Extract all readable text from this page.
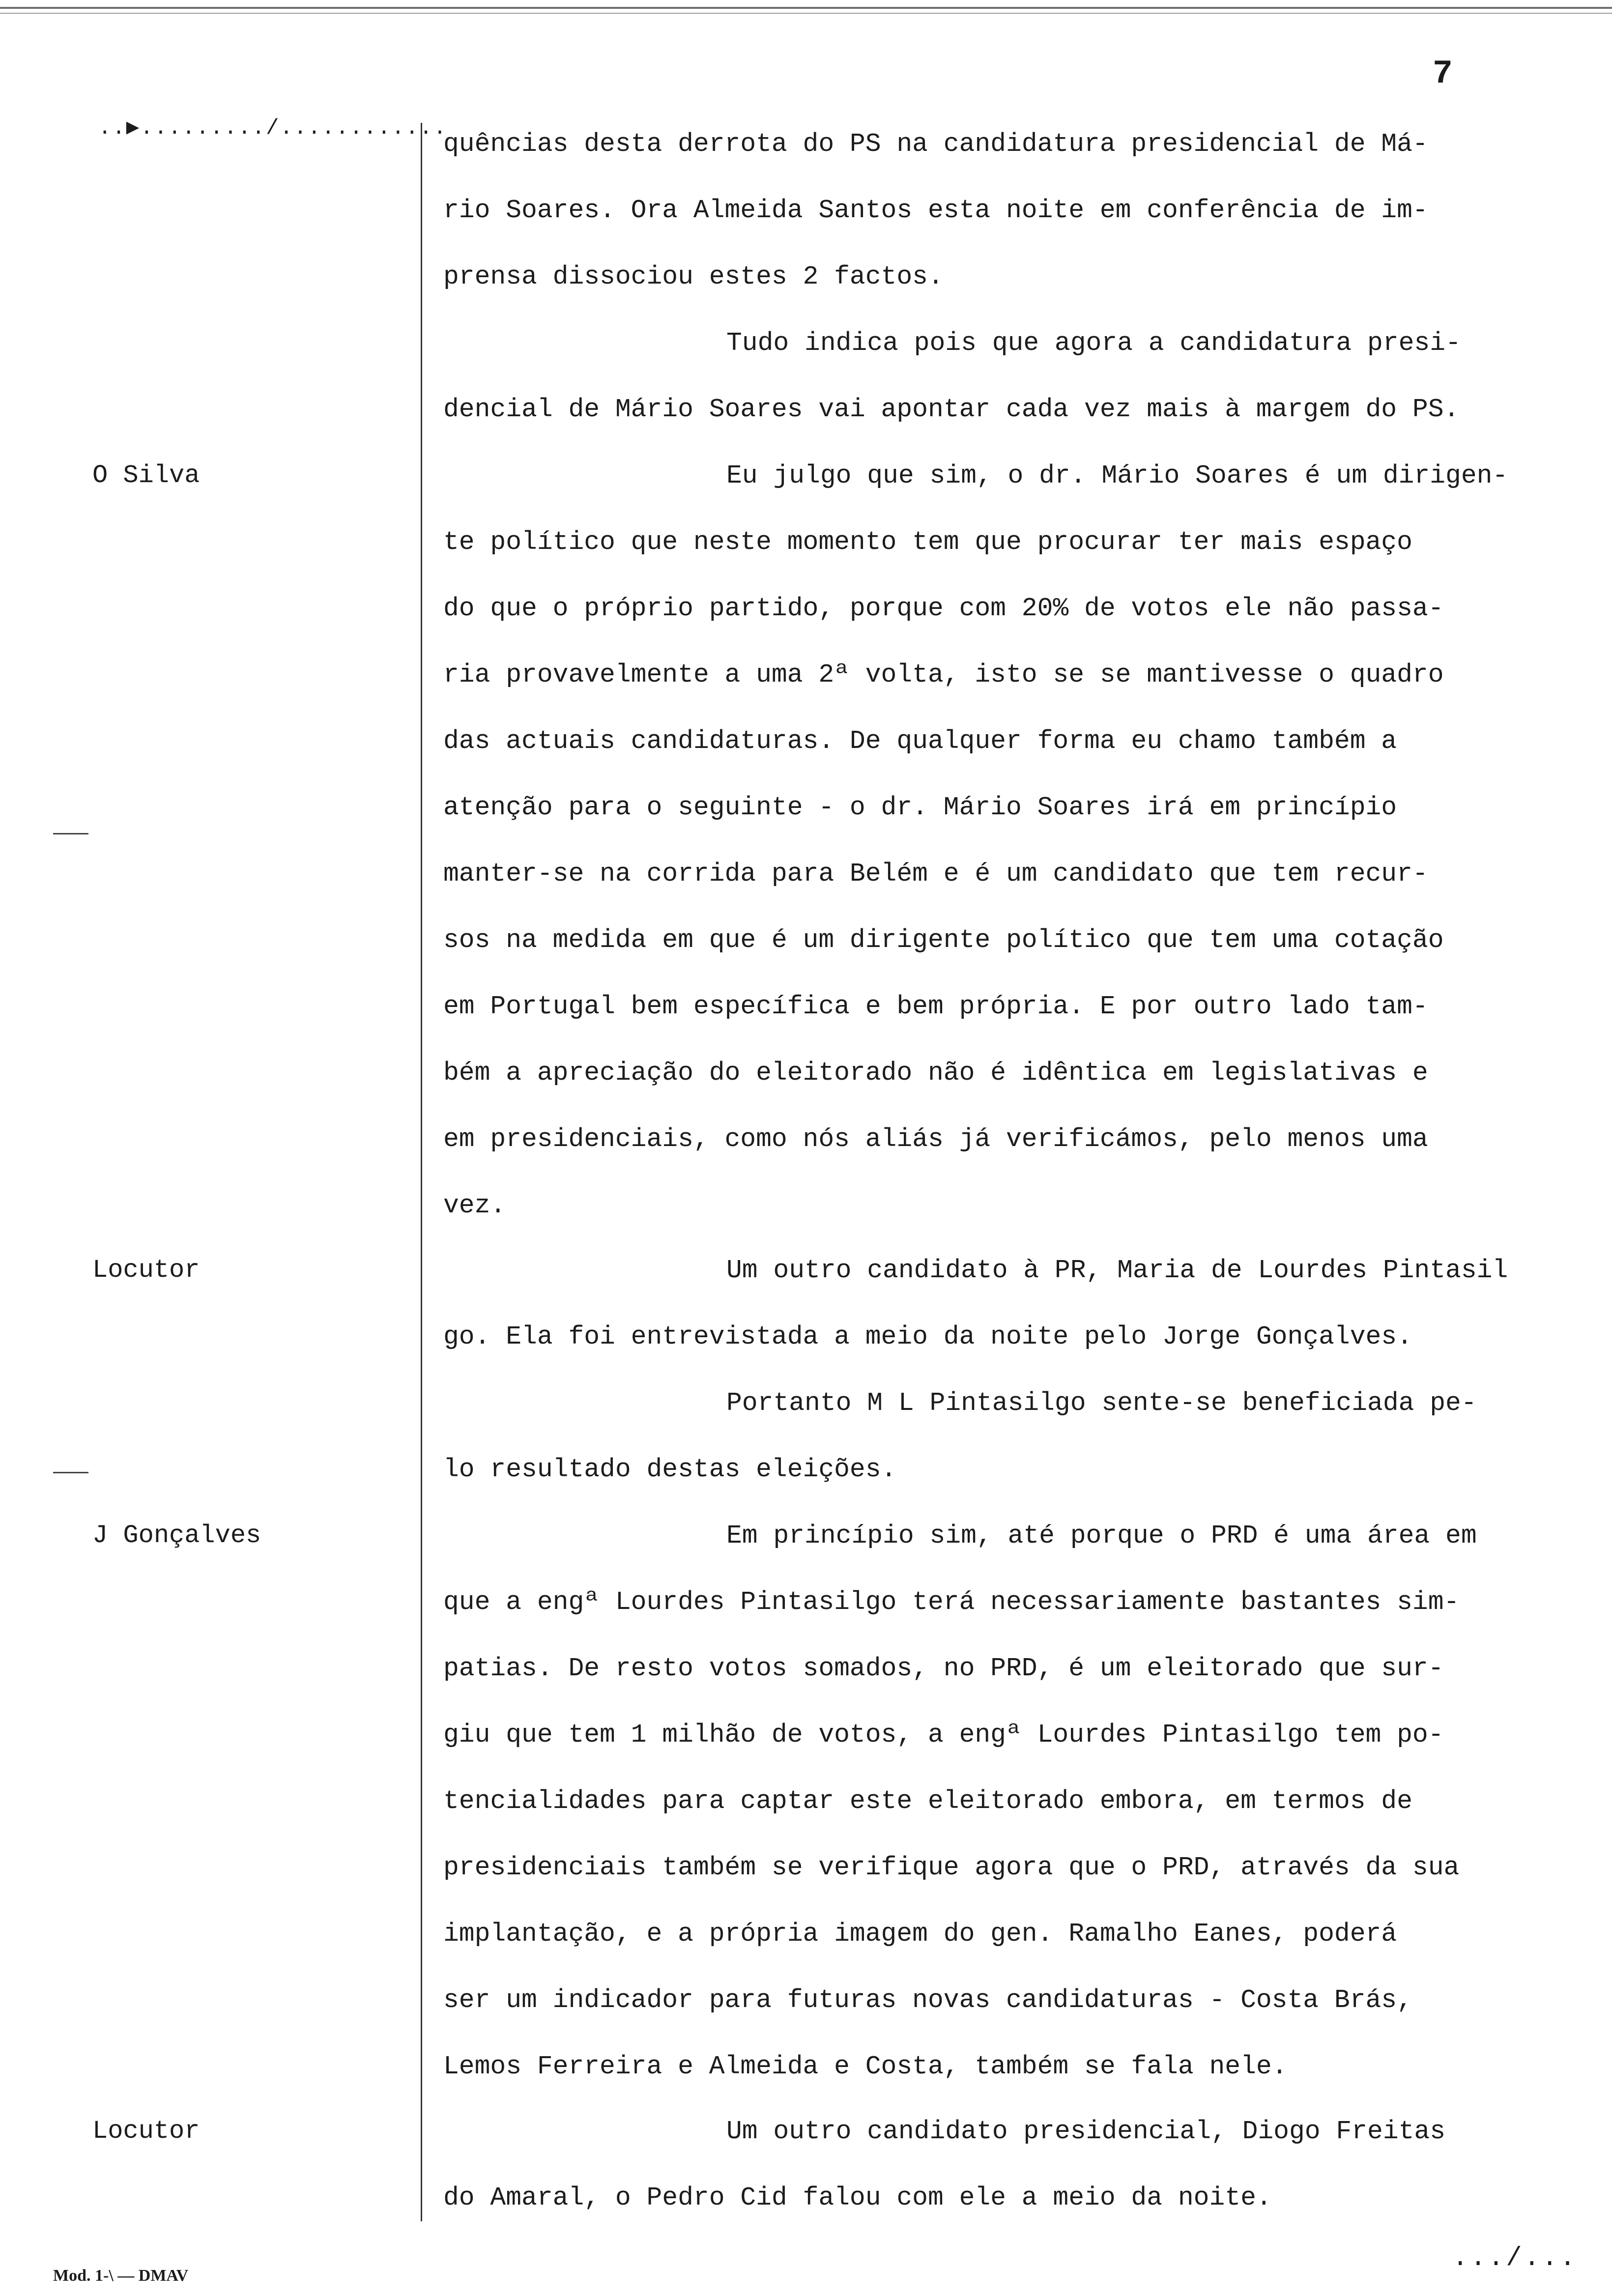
7
..▶........./............
O Silva
Locutor
J Gonçalves
Locutor
quências desta derrota do PS na candidatura presidencial de Má-
rio Soares. Ora Almeida Santos esta noite em conferência de im-
prensa dissociou estes 2 factos.
Tudo indica pois que agora a candidatura presi-
dencial de Mário Soares vai apontar cada vez mais à margem do PS.
Eu julgo que sim, o dr. Mário Soares é um dirigen-
te político que neste momento tem que procurar ter mais espaço
do que o próprio partido, porque com 20% de votos ele não passa-
ria provavelmente a uma 2ª volta, isto se se mantivesse o quadro
das actuais candidaturas. De qualquer forma eu chamo também a
atenção para o seguinte - o dr. Mário Soares irá em princípio
manter-se na corrida para Belém e é um candidato que tem recur-
sos na medida em que é um dirigente político que tem uma cotação
em Portugal bem específica e bem própria. E por outro lado tam-
bém a apreciação do eleitorado não é idêntica em legislativas e
em presidenciais, como nós aliás já verificámos, pelo menos uma
vez.
Um outro candidato à PR, Maria de Lourdes Pintasil
go. Ela foi entrevistada a meio da noite pelo Jorge Gonçalves.
Portanto M L Pintasilgo sente-se beneficiada pe-
lo resultado destas eleições.
Em princípio sim, até porque o PRD é uma área em
que a engª Lourdes Pintasilgo terá necessariamente bastantes sim-
patias. De resto votos somados, no PRD, é um eleitorado que sur-
giu que tem 1 milhão de votos, a engª Lourdes Pintasilgo tem po-
tencialidades para captar este eleitorado embora, em termos de
presidenciais também se verifique agora que o PRD, através da sua
implantação, e a própria imagem do gen. Ramalho Eanes, poderá
ser um indicador para futuras novas candidaturas - Costa Brás,
Lemos Ferreira e Almeida e Costa, também se fala nele.
Um outro candidato presidencial, Diogo Freitas
do Amaral, o Pedro Cid falou com ele a meio da noite.
Mod. 1-\ — DMAV
.../...
